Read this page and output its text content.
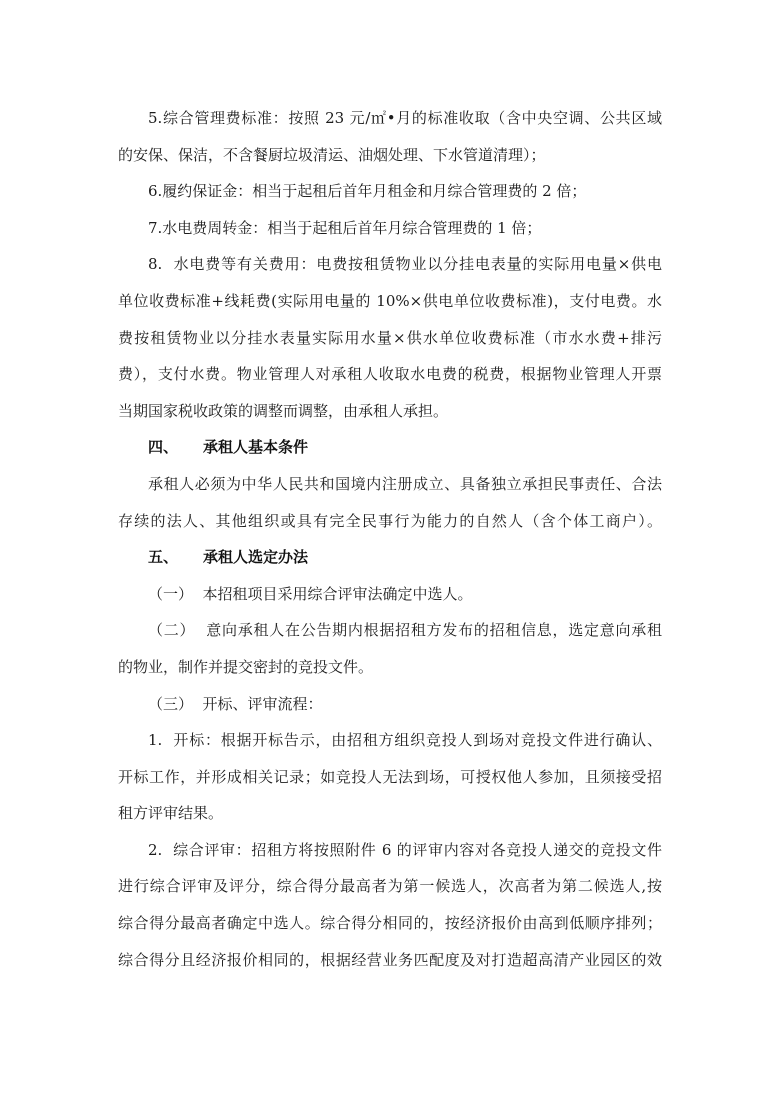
5.综合管理费标准：按照 23 元/㎡•月的标准收取（含中央空调、公共区域
的安保、保洁，不含餐厨垃圾清运、油烟处理、下水管道清理）；
6.履约保证金：相当于起租后首年月租金和月综合管理费的 2 倍；
7.水电费周转金：相当于起租后首年月综合管理费的 1 倍；
8.  水电费等有关费用：电费按租赁物业以分挂电表量的实际用电量×供电
单位收费标准+线耗费(实际用电量的 10%×供电单位收费标准)，支付电费。水
费按租赁物业以分挂水表量实际用水量×供水单位收费标准（市水水费+排污
费），支付水费。物业管理人对承租人收取水电费的税费，根据物业管理人开票
当期国家税收政策的调整而调整，由承租人承担。
四、 承租人基本条件
承租人必须为中华人民共和国境内注册成立、具备独立承担民事责任、合法
存续的法人、其他组织或具有完全民事行为能力的自然人（含个体工商户）。
五、 承租人选定办法
（一）  本招租项目采用综合评审法确定中选人。
（二）  意向承租人在公告期内根据招租方发布的招租信息，选定意向承租
的物业，制作并提交密封的竞投文件。
（三）  开标、评审流程：
1.  开标：根据开标告示，由招租方组织竞投人到场对竞投文件进行确认、
开标工作，并形成相关记录；如竞投人无法到场，可授权他人参加，且须接受招
租方评审结果。
2.  综合评审：招租方将按照附件 6 的评审内容对各竞投人递交的竞投文件
进行综合评审及评分，综合得分最高者为第一候选人，次高者为第二候选人,按
综合得分最高者确定中选人。综合得分相同的，按经济报价由高到低顺序排列；
综合得分且经济报价相同的，根据经营业务匹配度及对打造超高清产业园区的效
